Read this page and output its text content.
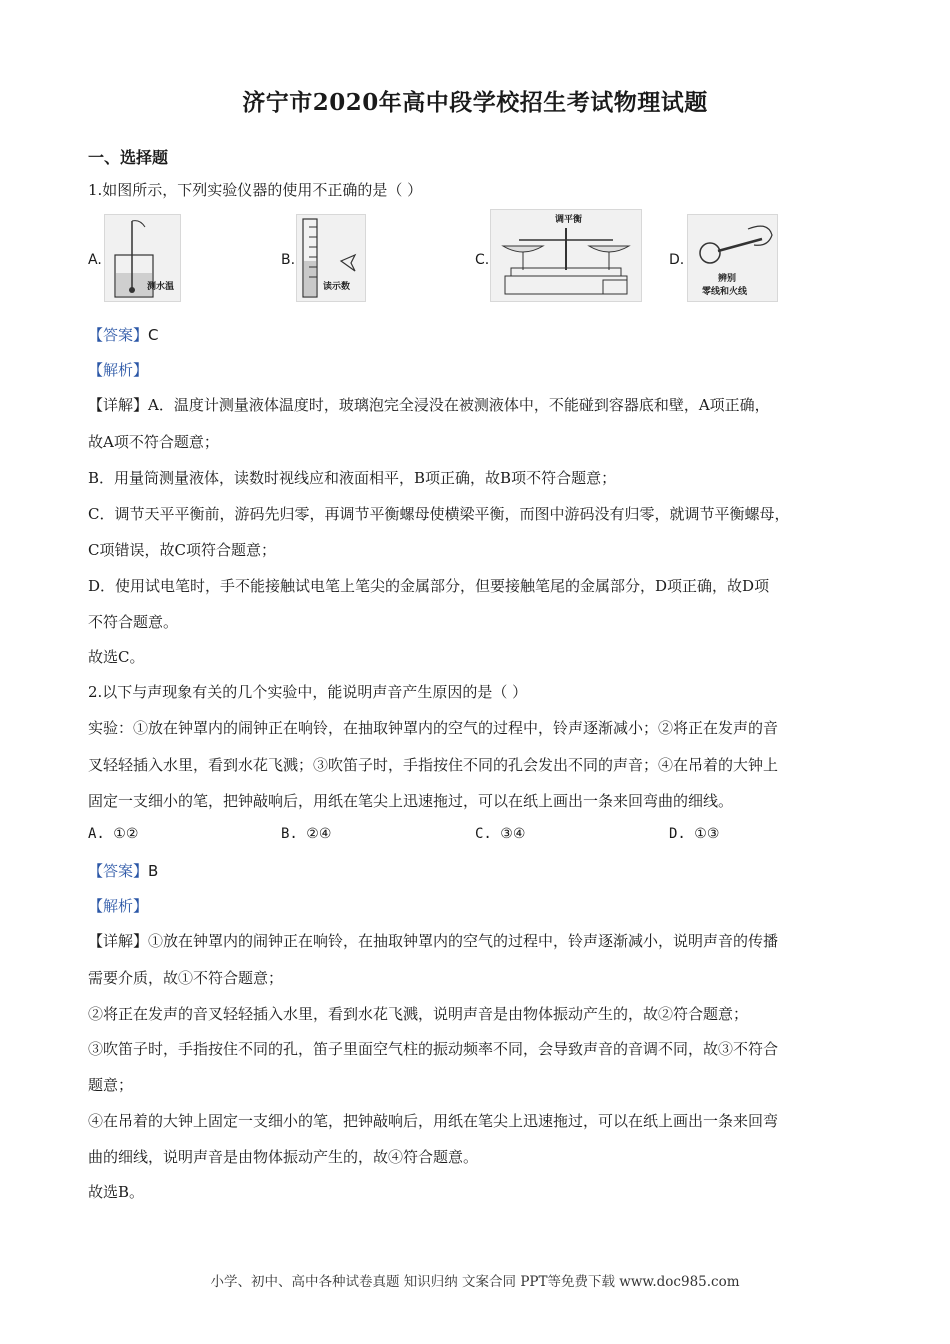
济宁市2020年高中段学校招生考试物理试题
一、选择题
1.如图所示，下列实验仪器的使用不正确的是（ ）
A.
测水温
B.
读示数
C.
调平衡
D.
辨别
零线和火线
【答案】C
【解析】
【详解】A．温度计测量液体温度时，玻璃泡完全浸没在被测液体中，不能碰到容器底和壁，A项正确，
故A项不符合题意；
B．用量筒测量液体，读数时视线应和液面相平，B项正确，故B项不符合题意；
C．调节天平平衡前，游码先归零，再调节平衡螺母使横梁平衡，而图中游码没有归零，就调节平衡螺母，
C项错误，故C项符合题意；
D．使用试电笔时，手不能接触试电笔上笔尖的金属部分，但要接触笔尾的金属部分，D项正确，故D项
不符合题意。
故选C。
2.以下与声现象有关的几个实验中，能说明声音产生原因的是（ ）
实验：①放在钟罩内的闹钟正在响铃，在抽取钟罩内的空气的过程中，铃声逐渐减小；②将正在发声的音
叉轻轻插入水里，看到水花飞溅；③吹笛子时，手指按住不同的孔会发出不同的声音；④在吊着的大钟上
固定一支细小的笔，把钟敲响后，用纸在笔尖上迅速拖过，可以在纸上画出一条来回弯曲的细线。
A. ①②	B. ②④	C. ③④	D. ①③
【答案】B
【解析】
【详解】①放在钟罩内的闹钟正在响铃，在抽取钟罩内的空气的过程中，铃声逐渐减小，说明声音的传播
需要介质，故①不符合题意；
②将正在发声的音叉轻轻插入水里，看到水花飞溅，说明声音是由物体振动产生的，故②符合题意；
③吹笛子时，手指按住不同的孔，笛子里面空气柱的振动频率不同，会导致声音的音调不同，故③不符合
题意；
④在吊着的大钟上固定一支细小的笔，把钟敲响后，用纸在笔尖上迅速拖过，可以在纸上画出一条来回弯
曲的细线，说明声音是由物体振动产生的，故④符合题意。
故选B。
小学、初中、高中各种试卷真题 知识归纳 文案合同 PPT等免费下载 www.doc985.com
